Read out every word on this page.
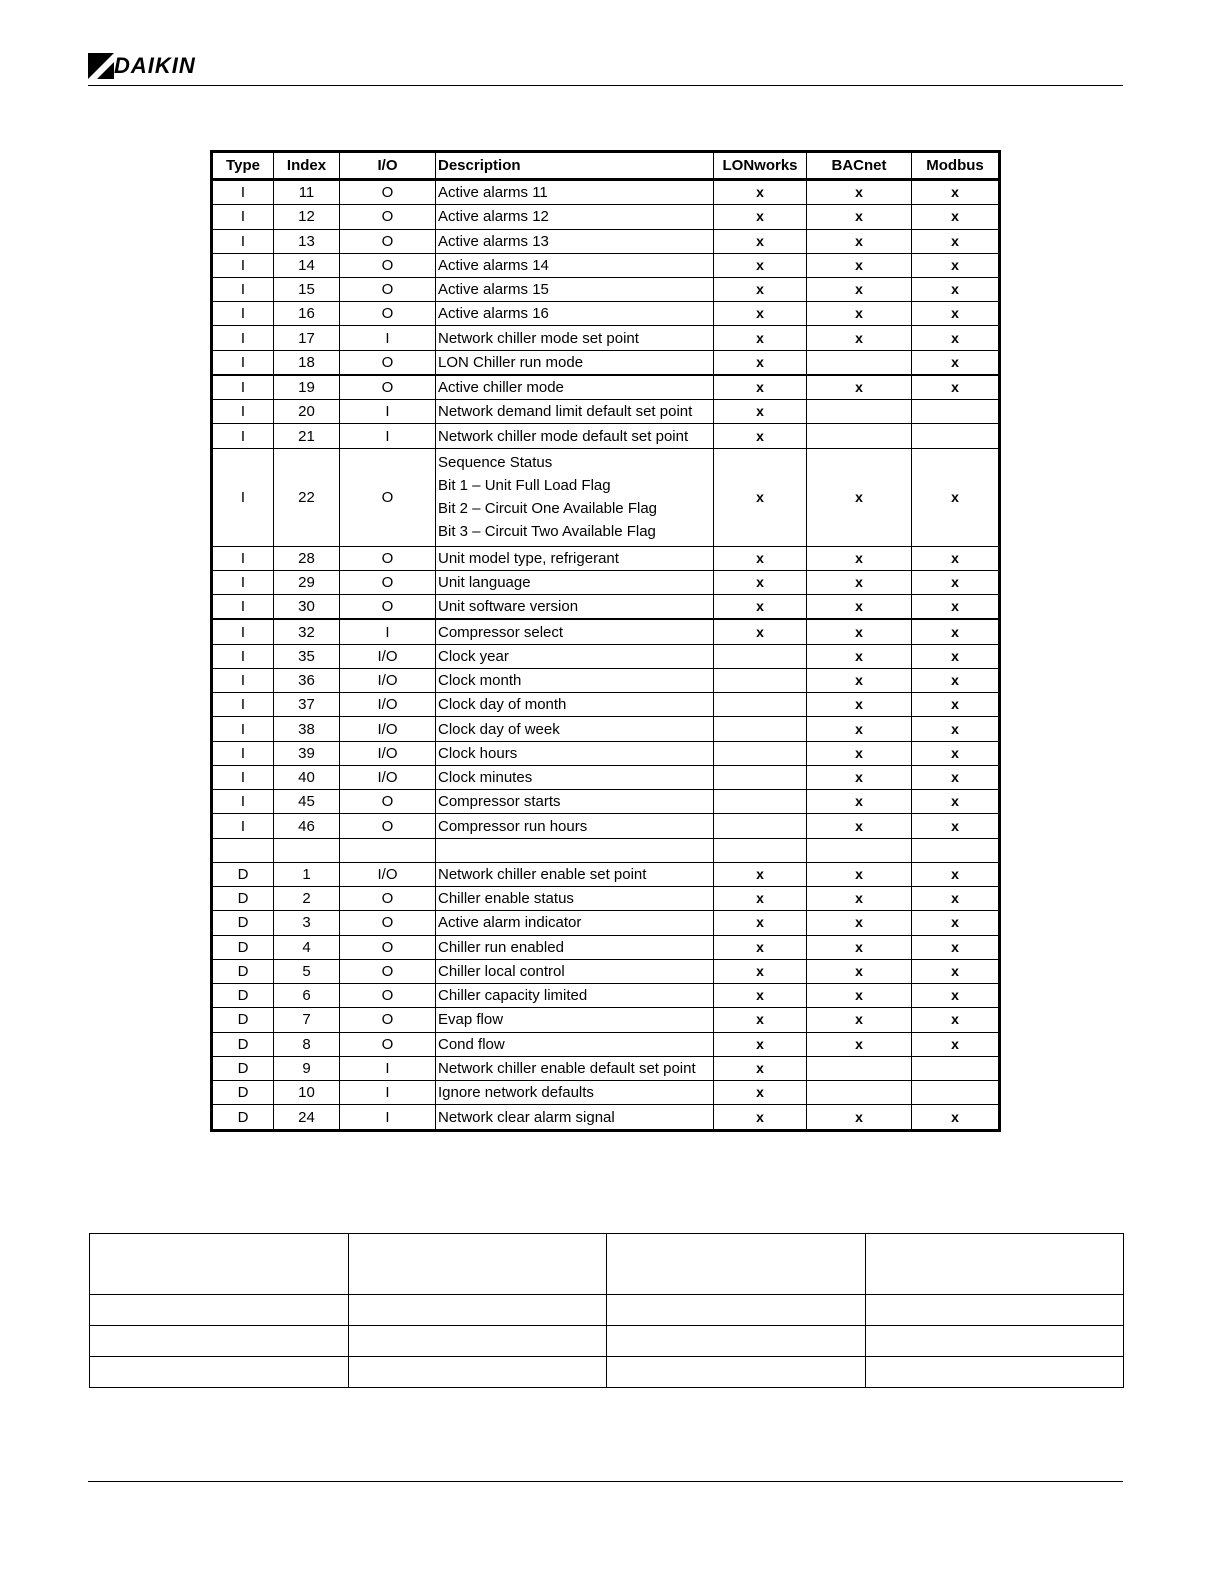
DAIKIN
Type	Index	I/O	Description	LONworks	BACnet	Modbus
I	11	O	Active alarms 11	x	x	x
I	12	O	Active alarms 12	x	x	x
I	13	O	Active alarms 13	x	x	x
I	14	O	Active alarms 14	x	x	x
I	15	O	Active alarms 15	x	x	x
I	16	O	Active alarms 16	x	x	x
I	17	I	Network chiller mode set point	x	x	x
I	18	O	LON Chiller run mode	x		x
I	19	O	Active chiller mode	x	x	x
I	20	I	Network demand limit default set point	x		
I	21	I	Network chiller mode default set point	x		
I	22	O	Sequence Status
Bit 1 – Unit Full Load Flag
Bit 2 – Circuit One Available Flag
Bit 3 – Circuit Two Available Flag	x	x	x
I	28	O	Unit model type, refrigerant	x	x	x
I	29	O	Unit language	x	x	x
I	30	O	Unit software version	x	x	x
I	32	I	Compressor select	x	x	x
I	35	I/O	Clock year		x	x
I	36	I/O	Clock month		x	x
I	37	I/O	Clock day of month		x	x
I	38	I/O	Clock day of week		x	x
I	39	I/O	Clock hours		x	x
I	40	I/O	Clock minutes		x	x
I	45	O	Compressor starts		x	x
I	46	O	Compressor run hours		x	x

D	1	I/O	Network chiller enable set point	x	x	x
D	2	O	Chiller enable status	x	x	x
D	3	O	Active alarm indicator	x	x	x
D	4	O	Chiller run enabled	x	x	x
D	5	O	Chiller local control	x	x	x
D	6	O	Chiller capacity limited	x	x	x
D	7	O	Evap flow	x	x	x
D	8	O	Cond flow	x	x	x
D	9	I	Network chiller enable default set point	x		
D	10	I	Ignore network defaults	x		
D	24	I	Network clear alarm signal	x	x	x
